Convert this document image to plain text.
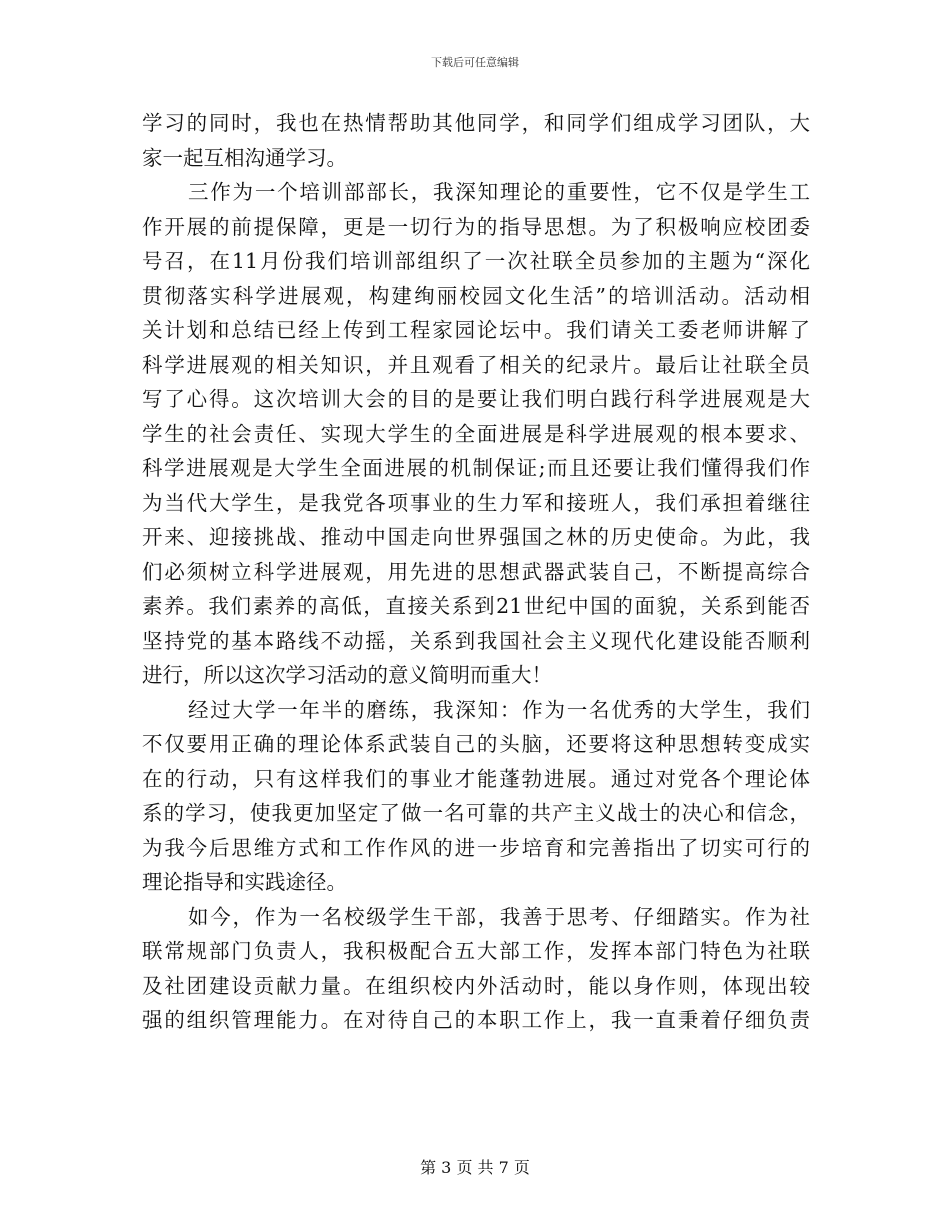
下载后可任意编辑
学习的同时，我也在热情帮助其他同学，和同学们组成学习团队，大
家一起互相沟通学习。
三作为一个培训部部长，我深知理论的重要性，它不仅是学生工
作开展的前提保障，更是一切行为的指导思想。为了积极响应校团委
号召，在11月份我们培训部组织了一次社联全员参加的主题为“深化
贯彻落实科学进展观，构建绚丽校园文化生活”的培训活动。活动相
关计划和总结已经上传到工程家园论坛中。我们请关工委老师讲解了
科学进展观的相关知识，并且观看了相关的纪录片。最后让社联全员
写了心得。这次培训大会的目的是要让我们明白践行科学进展观是大
学生的社会责任、实现大学生的全面进展是科学进展观的根本要求、
科学进展观是大学生全面进展的机制保证;而且还要让我们懂得我们作
为当代大学生，是我党各项事业的生力军和接班人，我们承担着继往
开来、迎接挑战、推动中国走向世界强国之林的历史使命。为此，我
们必须树立科学进展观，用先进的思想武器武装自己，不断提高综合
素养。我们素养的高低，直接关系到21世纪中国的面貌，关系到能否
坚持党的基本路线不动摇，关系到我国社会主义现代化建设能否顺利
进行，所以这次学习活动的意义简明而重大！
经过大学一年半的磨练，我深知：作为一名优秀的大学生，我们
不仅要用正确的理论体系武装自己的头脑，还要将这种思想转变成实
在的行动，只有这样我们的事业才能蓬勃进展。通过对党各个理论体
系的学习，使我更加坚定了做一名可靠的共产主义战士的决心和信念，
为我今后思维方式和工作作风的进一步培育和完善指出了切实可行的
理论指导和实践途径。
如今，作为一名校级学生干部，我善于思考、仔细踏实。作为社
联常规部门负责人，我积极配合五大部工作，发挥本部门特色为社联
及社团建设贡献力量。在组织校内外活动时，能以身作则，体现出较
强的组织管理能力。在对待自己的本职工作上，我一直秉着仔细负责
第 3 页 共 7 页
